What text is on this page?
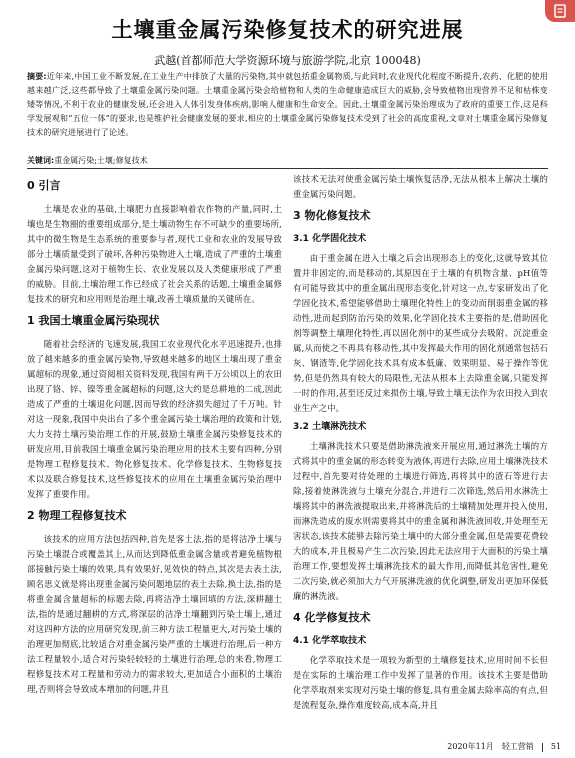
土壤重金属污染修复技术的研究进展
武越(首都师范大学资源环境与旅游学院,北京 100048)

摘要:近年来,中国工业不断发展,在工业生产中排放了大量的污染物,其中就包括重金属物质,与此同时,农业现代化程度不断提升,农药、化肥的使用越来越广泛,这些都导致了土壤重金属污染问题。土壤重金属污染会给植物和人类的生命健康造成巨大的威胁,会导致植物出现营养不足和枯株变矮等情况,不利于农业的健康发展,还会进入人体引发身体疾病,影响人健康和生命安全。因此,土壤重金属污染治理成为了政府的重要工作,这是科学发展观和“五位一体”的要求,也是维护社会健康发展的要求,相应的土壤重金属污染修复技术受到了社会的高度重视,文章对土壤重金属污染修复技术的研究进展进行了论述。

关键词:重金属污染;土壤;修复技术

0 引言

土壤是农业的基础,土壤肥力直接影响着农作物的产量,同时,土壤也是生物圈的重要组成部分,是土壤动物生存不可缺少的重要场所,其中的微生物是生态系统的重要参与者,现代工业和农业的发展导致部分土壤质量受到了破坏,各种污染物进入土壤,造成了严重的土壤重金属污染问题,这对于植物生长、农业发展以及人类健康形成了严重的威胁。目前,土壤治理工作已经成了社会关系的话题,土壤重金属修复技术的研究和应用则是治理土壤,改善土壤质量的关键所在。

1 我国土壤重金属污染现状

随着社会经济的飞速发展,我国工农业现代化水平迅速提升,也排放了越来越多的重金属污染物,导致越来越多的地区土壤出现了重金属超标的现象,通过资阅相关资料发现,我国有两千万公顷以上的农田出现了铬、锌、镍等重金属超标的问题,这大约是总耕地的二成,因此造成了严重的土壤退化问题,因而导致的经济损失超过了千万吨。针对这一现象,我国中央出台了多个重金属污染土壤治理的政策和计划,大力支持土壤污染治理工作的开展,鼓励土壤重金属污染修复技术的研发应用,目前我国土壤重金属污染治理应用的技术主要有四种,分别是物理工程修复技术、物化修复技术、化学修复技术、生物修复技术以及联合修复技术,这些修复技术的应用在土壤重金属污染治理中发挥了重要作用。

2 物理工程修复技术

该技术的应用方法包括四种,首先是客土法,指的是将洁净土壤与污染土壤混合或覆盖其上,从而达到降低重金属含量或者避免植物根部接触污染土壤的效果,具有效果好,见效快的特点,其次是去表土法,顾名思义就是将出现重金属污染问题地层的表土去除,换土法,指的是将重金属含量超标的标题去除,再将洁净土壤回填的方法,深耕翻土法,指的是通过翻耕的方式,将深层的洁净土壤翻到污染土壤上,通过对这四种方法的应用研究发现,前三种方法工程量更大,对污染土壤的治理更加彻底,比较适合对重金属污染严重的土壤进行治理,后一种方法工程量较小,适合对污染轻较轻的土壤进行治理,总的来看,物理工程修复技术对工程量和劳动力的需求较大,更加适合小面积的土壤治理,否则将会导致成本增加的问题,并且

该技术无法对使重金属污染土壤恢复活净,无法从根本上解决土壤的重金属污染问题。

3 物化修复技术
3.1 化学固化技术

由于重金属在进入土壤之后会出现形态上的变化,这就导致其位置并非固定的,而是移动的,其原因在于土壤的有机物含量、pH值等有可能导致其中的重金属出现形态变化,针对这一点,专家研发出了化学固化技术,希望能够借助土壤理化特性上的变动而削弱重金属的移动性,进而起到防治污染的效果,化学固化技术主要指的是,借助固化剂等调整土壤理化特性,再以固化剂中的某些成分去吸附、沉淀重金属,从而使之不再具有移动性,其中发挥最大作用的固化剂通常包括石灰、钢渣等,化学固化技术具有成本低廉、效果明显、易于操作等优势,但是仍然具有较大的局限性,无法从根本上去除重金属,只能发挥一时的作用,甚至还反过来损伤土壤,导致土壤无法作为农田投入到农业生产之中。

3.2 土壤淋洗技术

土壤淋洗技术只要是借助淋洗液来开展应用,通过淋洗土壤的方式将其中的重金属的形态转变为液体,再进行去除,应用土壤淋洗技术过程中,首先要对待处理的土壤进行筛选,再将其中的渣石等进行去除,接着使淋洗液与土壤充分混合,并进行二次筛选,然后用水淋洗土壤将其中的淋洗液提取出来,并将淋洗后的土壤精加处理并投入使用,而淋洗造成的废水则需要将其中的重金属和淋洗液回收,并处理至无害状态,该技术能够去除污染土壤中的大部分重金属,但是需要花费较大的成本,并且极易产生二次污染,因此无法应用于大面积的污染土壤治理工作,要想发挥土壤淋洗技术的最大作用,而降低其危害性,避免二次污染,就必须加大力气开展淋洗液的优化调整,研发出更加环保低廉的淋洗液。

4 化学修复技术
4.1 化学萃取技术

化学萃取技术是一项较为新型的土壤修复技术,应用时间不长但是在实际的土壤治理工作中发挥了显著的作用。该技术主要是借助化学萃取剂来实现对污染土壤的修复,具有重金属去除率高的有点,但是流程复杂,操作难度较高,成本高,并且

2020年11月 轻工营销 51
